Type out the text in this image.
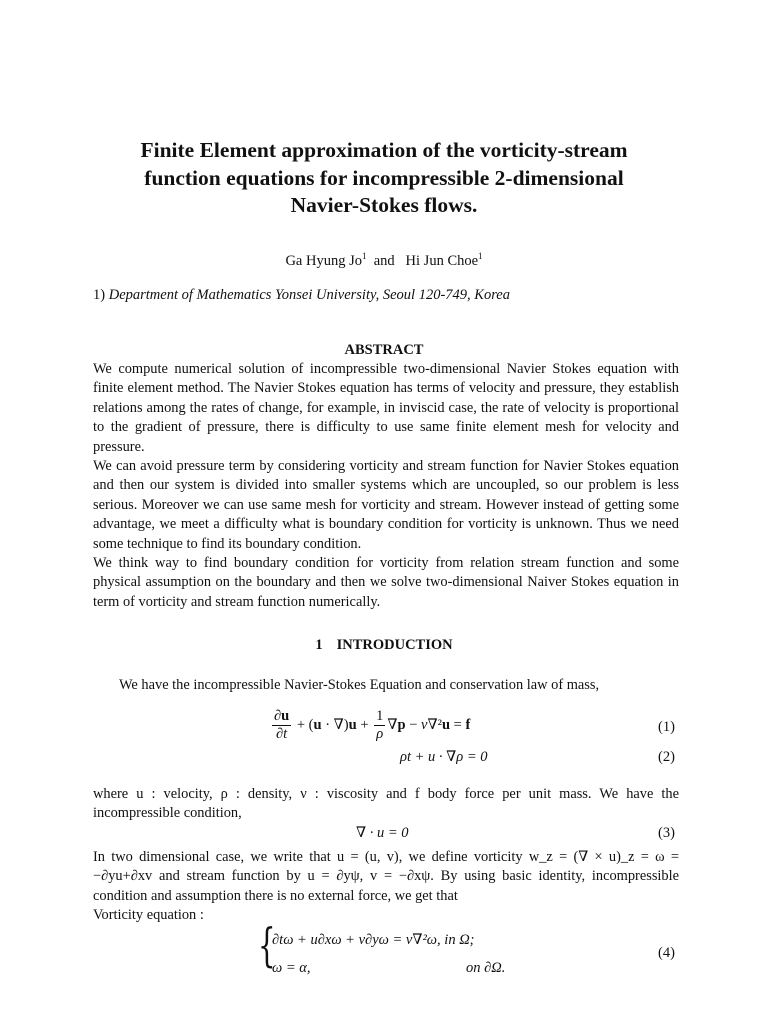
Finite Element approximation of the vorticity-stream
function equations for incompressible 2-dimensional
Navier-Stokes flows.
Ga Hyung Jo$^1$ and Hi Jun Choe$^1$
1) Department of Mathematics Yonsei University, Seoul 120-749, Korea
ABSTRACT

We compute numerical solution of incompressible two-dimensional Navier Stokes equation with finite element method. The Navier Stokes equation has terms of velocity and pressure, they establish relations among the rates of change, for example, in inviscid case, the rate of velocity is proportional to the gradient of pressure, there is difficulty to use same finite element mesh for velocity and pressure.

We can avoid pressure term by considering vorticity and stream function for Navier Stokes equation and then our system is divided into smaller systems which are uncoupled, so our problem is less serious. Moreover we can use same mesh for vorticity and stream. However instead of getting some advantage, we meet a difficulty what is boundary condition for vorticity is unknown. Thus we need some technique to find its boundary condition.

We think way to find boundary condition for vorticity from relation stream function and some physical assumption on the boundary and then we solve two-dimensional Naiver Stokes equation in term of vorticity and stream function numerically.

1 INTRODUCTION

We have the incompressible Navier-Stokes Equation and conservation law of mass,

$\frac{\partial u}{\partial t} + (u \cdot \nabla)u + \frac{1}{\rho} \nabla p - \nu\nabla^2u = f$	(1)
ρt + u · ∇ρ = 0	(2)
where u : velocity, ρ : density, ν : viscosity and f body force per unit mass. We have the
incompressible condition,
∇ · u = 0	(3)
In two dimensional case, we write that u = (u, v), we define vorticity w_z = (∇ × u)_z = ω =
−∂yu+∂xv and stream function by u = ∂yψ, v = −∂xψ. By using basic identity, incompressible
condition and assumption there is no external force, we get that
Vorticity equation :
{
∂tω + u∂xω + v∂yω = ν∇²ω, in Ω;
ω = α,	on ∂Ω.
(4)
